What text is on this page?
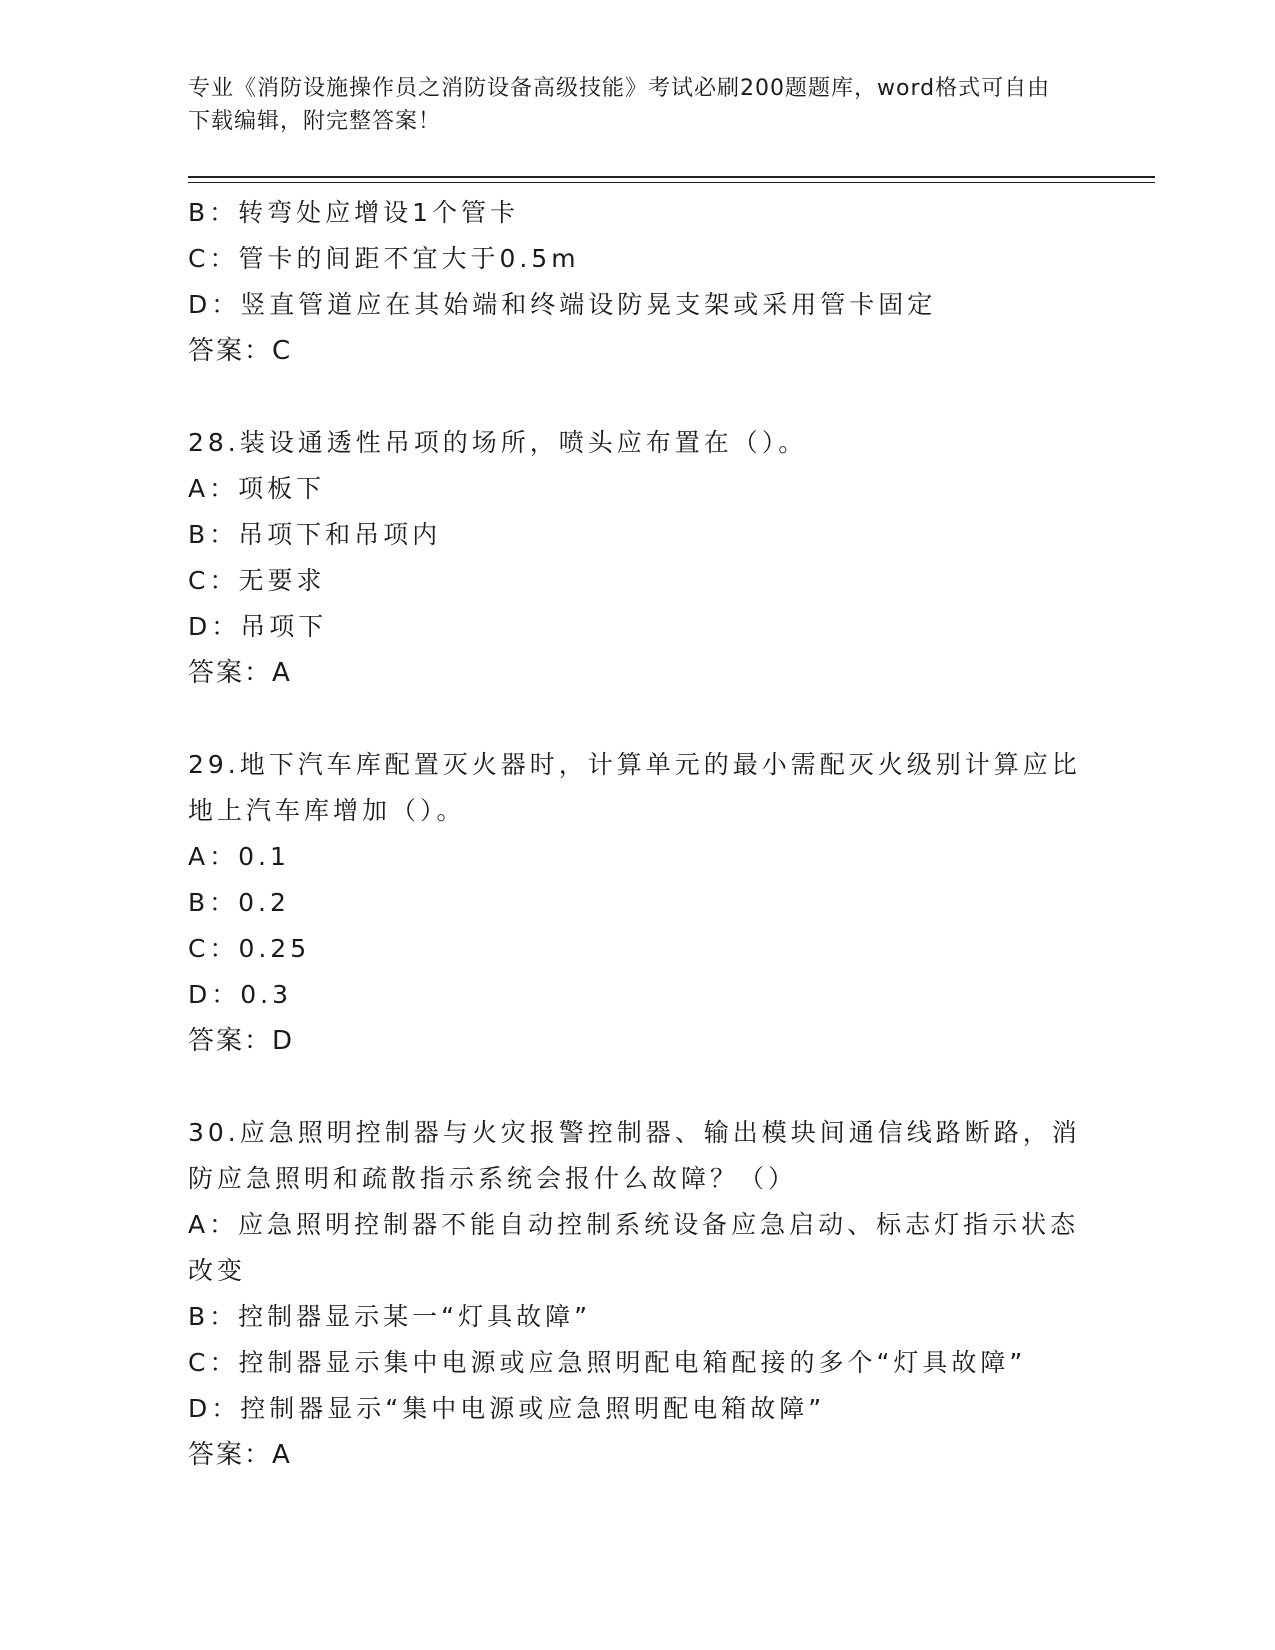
专业《消防设施操作员之消防设备高级技能》考试必刷200题题库，word格式可自由下载编辑，附完整答案！
B：转弯处应增设1个管卡
C：管卡的间距不宜大于0.5m
D：竖直管道应在其始端和终端设防晃支架或采用管卡固定
答案：C
28.装设通透性吊项的场所，喷头应布置在（）。
A：项板下
B：吊项下和吊项内
C：无要求
D：吊项下
答案：A
29.地下汽车库配置灭火器时，计算单元的最小需配灭火级别计算应比地上汽车库增加（）。
A：0.1
B：0.2
C：0.25
D：0.3
答案：D
30.应急照明控制器与火灾报警控制器、输出模块间通信线路断路，消防应急照明和疏散指示系统会报什么故障？（）
A：应急照明控制器不能自动控制系统设备应急启动、标志灯指示状态改变
B：控制器显示某一“灯具故障”
C：控制器显示集中电源或应急照明配电箱配接的多个“灯具故障”
D：控制器显示“集中电源或应急照明配电箱故障”
答案：A
